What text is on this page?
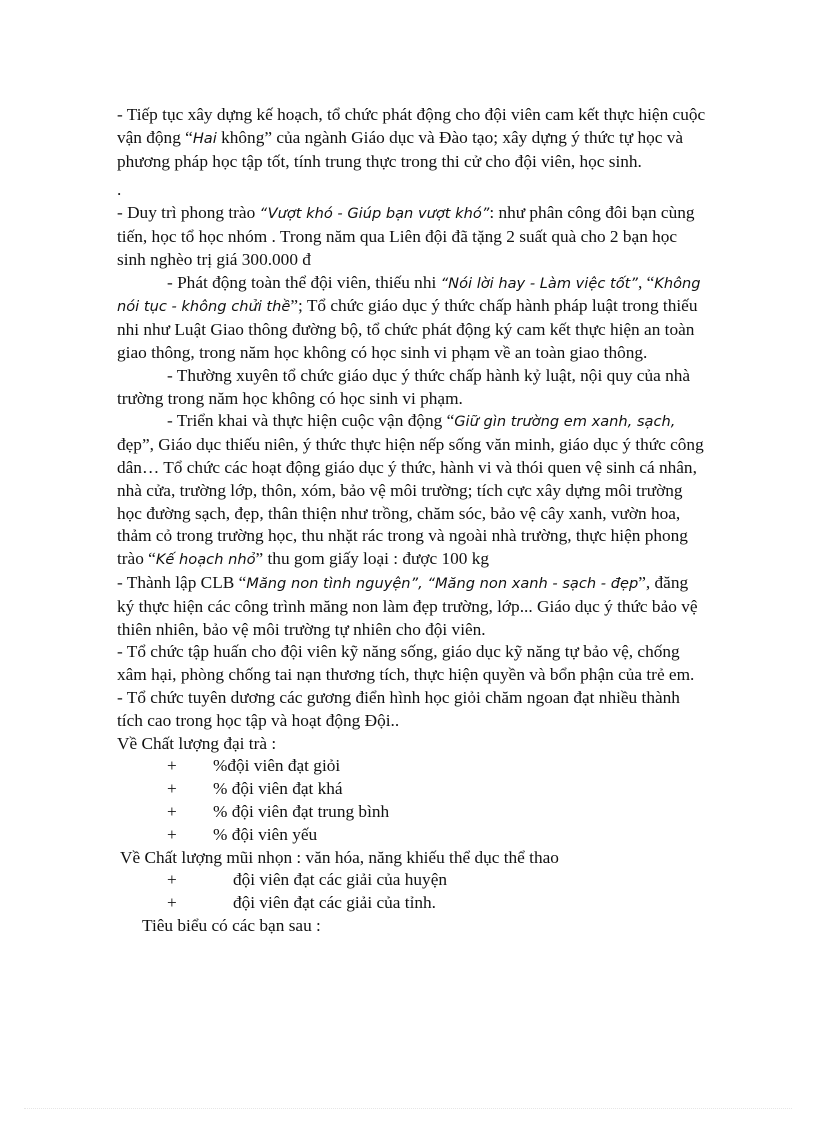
- Tiếp tục xây dựng kế hoạch, tổ chức phát động cho đội viên cam kết thực hiện cuộc vận động “Hai không” của ngành Giáo dục và Đào tạo; xây dựng ý thức tự học và phương pháp học tập tốt, tính trung thực trong thi cử cho đội viên, học sinh.

.

- Duy trì phong trào “Vượt khó - Giúp bạn vượt khó”: như phân công đôi bạn cùng tiến, học tổ học nhóm . Trong năm qua Liên đội đã tặng 2 suất quà cho 2 bạn học sinh nghèo trị giá 300.000 đ

- Phát động toàn thể đội viên, thiếu nhi “Nói lời hay - Làm việc tốt”, “Không nói tục - không chửi thề”; Tổ chức giáo dục ý thức chấp hành pháp luật trong thiếu nhi như Luật Giao thông đường bộ, tổ chức phát động ký cam kết thực hiện an toàn giao thông, trong năm học không có học sinh vi phạm về an toàn giao thông.

- Thường xuyên tổ chức giáo dục ý thức chấp hành kỷ luật, nội quy của nhà trường trong năm học không có học sinh vi phạm.

- Triển khai và thực hiện cuộc vận động “Giữ gìn trường em xanh, sạch, đẹp”, Giáo dục thiếu niên, ý thức thực hiện nếp sống văn minh, giáo dục ý thức công dân… Tổ chức các hoạt động giáo dục ý thức, hành vi và thói quen vệ sinh cá nhân, nhà cửa, trường lớp, thôn, xóm, bảo vệ môi trường; tích cực xây dựng môi trường học đường sạch, đẹp, thân thiện như trồng, chăm sóc, bảo vệ cây xanh, vườn hoa, thảm cỏ trong trường học, thu nhặt rác trong và ngoài nhà trường, thực hiện phong trào “Kế hoạch nhỏ” thu gom giấy loại : được 100 kg

- Thành lập CLB “Măng non tình nguyện”, “Măng non xanh - sạch - đẹp”, đăng ký thực hiện các công trình măng non làm đẹp trường, lớp... Giáo dục ý thức bảo vệ thiên nhiên, bảo vệ môi trường tự nhiên cho đội viên.

- Tổ chức tập huấn cho đội viên kỹ năng sống, giáo dục kỹ năng tự bảo vệ, chống xâm hại, phòng chống tai nạn thương tích, thực hiện quyền và bổn phận của trẻ em.

- Tổ chức tuyên dương các gương điển hình học giỏi chăm ngoan đạt nhiều thành tích cao trong học tập và hoạt động Đội..

Về Chất lượng đại trà :

+	%đội viên đạt giỏi
+	% đội viên đạt khá
+	% đội viên đạt trung bình
+	% đội viên yếu

Về Chất lượng mũi nhọn : văn hóa, năng khiếu thể dục thể thao

+	đội viên đạt các giải của huyện
+	đội viên đạt các giải của tỉnh.

Tiêu biểu có các bạn sau :
